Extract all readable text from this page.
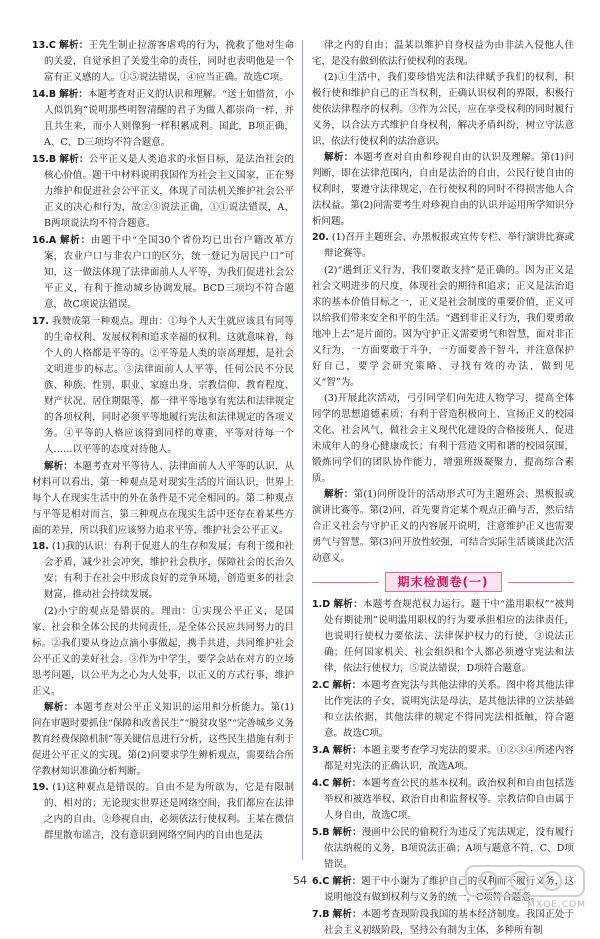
13.C 解析：王先生制止拉游客虐鸡的行为，挽救了他对生命的关爱，自觉承担了关爱生命的责任，同时也表明他是一个富有正义感的人。①⑤说法错误，④应当正确。故选C项。

14.B 解析：本题考查对正义的认识和理解。“送士如惜贫，小人似饥狗”说明那些明智清醒的君子为做人都崇尚一样，并且共生来，而小人则像狗一样积累成利。国此，B项正确，A、C、D三项均不符合题意。

15.B 解析：公平正义是人类追求的永恒目标，是法治社会的核心价值。题干中材料说明我国作为社会主义国家，正在努力维护和促进社会公平正义，体现了司法机关维护社会公平正义的决心和行为，故②③说法正确，①①说法错误，A、B两项说法均不符合题意。

16.A 解析：由题干中“全国30个省份均已出台户籍改革方案，农业户口与非农户口的区分，统一登记为居民户口”可知，这一做法体现了法律面前人人平等，为我们促进社会公平正义，有利于推动城乡协调发展。BCD三项均不符合题意，故C项说法错误。

17. 我赞成第一种观点。理由：①每个人天生就应该具有同等的生命权利、发展权利和追求幸福的权利。这就意味着，每个人的人格都是平等的。②平等是人类的崇高理想，是社会文明进步的标志。③法律面前人人平等，任何公民不分民族、种族、性别、职业、家庭出身、宗教信仰、教育程度、财产状况、居住期限等，都一律平等地享有宪法和法律规定的各项权利，同时必须平等地履行宪法和法律规定的各项义务。④平等的人格应该得到同样的尊重，平等对待每一个人……以平等的态度对待他人。

解析：本题考查对平等待人、法律面前人人平等的认识，从材料可以看出，第一种观点是对现实生活的片面认识，世界上每个人在现实生活中的外在条件是不完全相同的。第二种观点与平等是相对而言，第三种观点在现实生活中还存在着某些方面的差异，所以我们应该努力追求平等，维护社会公平正义。

18. (1)我的认识：有利于促进人的生存和发展；有利于缓和社会矛盾，减少社会冲突，维护社会秩序，保障社会的长治久安；有利于在社会中形成良好的竞争环境，创造更多的社会财富，推动社会持续发展。

(2)小宁的观点是错误的。理由：①实现公平正义，是国家、社会和全体公民的共同责任，是全体公民应共同努力的目标。②我们要从身边点滴小事做起，携手共进，共同维护社会公平正义的美好社会。③作为中学生，要学会站在对方的立场思考问题，以公平为之心为人处事，以正义的方式行事，维护正义。

解析：本题考查对公平正义知识的运用和分析能力。第(1)问在审题时要抓住“保障和改善民生”“脱贫攻坚”“完善城乡义务教育经费保障机制”等关键信息进行分析，这些民生措施有利于促进公平正义的实现。第(2)问要求学生辨析观点，需要结合所学教材知识准确分析判断。

19. (1)这种观点是错误的。自由不是为所欲为，它是有限制的、相对的；无论现实世界还是网络空间，我们都应在法律之内的自由。②珍视自由，必须依法行使权利。王某在微信群里散布谣言，没有意识到网络空间内的自由也是法

律之内的自由；温某以维护自身权益为由非法入侵他人住宅，是没有做到依法行使权利的表现。

(2)①生活中，我们要珍惜宪法和法律赋予我们的权利，积极行使和维护自己的正当权利，正确认识权利的界限，积极行使依法律程序的权利。③作为公民，应在享受权利的同时履行义务，以合法方式维护自身权利，解决矛盾纠纷，树立守法意识，依法行使权利的法治意识。

解析：本题考查对自由和珍视自由的认识及理解。第(1)问判断，即在法律范围内，自由是法治的自由，公民行使自由的权利时，要遵守法律规定，在行使权利的同时不得损害他人合法权益。第(2)问需要考生对珍视自由的认识并运用所学知识分析问题。

20. (1)召开主题班会、办黑板报或宣传专栏、举行演讲比赛或辩论赛等。

(2)“遇到正义行为，我们要敢支持”是正确的。因为正义是社会文明进步的尺度，体现社会的期待和追求；正义是法治追求的基本价值目标之一，正义是社会制度的重要价值，正义可以给我们带来安全和平的生活。“遇到非正义行为，我们要勇敢地冲上去”是片面的。因为守护正义需要勇气和智慧，面对非正义行为，一方面要敢于斗争，一方面要善于智斗，并注意保护好自己，要学会研究策略、寻找有效的办法，做到见义“智”为。

(3)开展此次活动，弓引同学们向先进人物学习，提高全体同学的思想道德素质；有利于营造积极向上、宣扬正义的校园文化、社会风气，做社会主义现代化建设的合格接班人，促进未成年人的身心健康成长；有利于营造文明和谐的校园氛围，锻炼同学们的团队协作能力，增强班级凝聚力，提高综合素质。

解析：第(1)问所设计的活动形式可为主题班会、黑板报或演讲比赛等。第(2)问，首先要肯定某个观点正确与否，然后结合正义社会与守护正义的内容展开说明，注意维护正义也需要勇气与智慧。第(3)问开放性较强，可结合实际生活谈谈此次活动意义。

期末检测卷(一)

1.D 解析：本题考查规范权力运行。题干中“滥用职权”“被判处有期徒刑”说明滥用职权的行为要承担相应的法律责任，也说明行使权力要依法、法律保护权力的行使，③说法正确；任何国家机关、社会组织和个人都必须遵守宪法和法律，依法行使权力，⑤说法错误，D项符合题意。

2.C 解析：本题考查宪法与其他法律的关系。图中将其他法律比作宪法的子女，说明宪法是母法，是其他法律的立法基础和立法依据，其他法律的规定不得同宪法相抵触，符合题意。故选C项。

3.A 解析：本题主要考查学习宪法的要求。①②③④所述内容都是对宪法的正确认识，故选A项。

4.C 解析：本题考查公民的基本权利。政治权利和自由包括选举权和被选举权、政治自由和监督权等。宗教信仰自由属于人身自由，故选C项。

5.B 解析：漫画中公民的偷税行为违反了宪法规定，没有履行依法纳税的义务，B项说法正确；A项与题意不符，C、D项错误。

6.C 解析：题干中小谢为了维护自己的权利而不履行义务，这说明他没有做到权利与义务的统一，C项符合题意。

7.B 解析：本题考查现阶段我国的基本经济制度。我国正处于社会主义初级阶段，坚持公有制为主体、多种所有制

54
MXQE.COM
